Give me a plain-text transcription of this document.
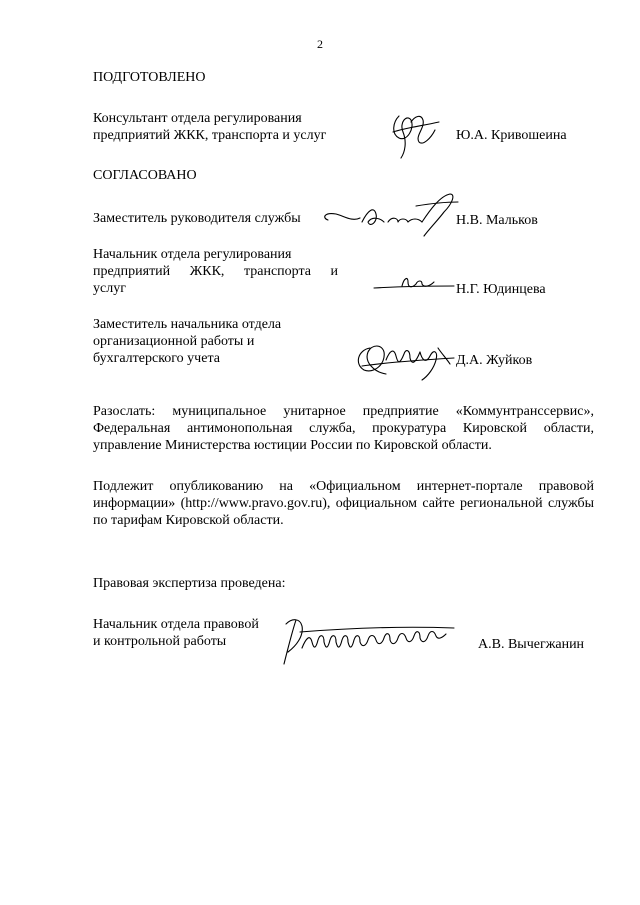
2
ПОДГОТОВЛЕНО
Консультант отдела регулирования
предприятий ЖКК, транспорта и услуг	Ю.А. Кривошеина
СОГЛАСОВАНО
Заместитель руководителя службы	Н.В. Мальков
Начальник отдела регулирования
предприятий ЖКК, транспорта и
услуг	Н.Г. Юдинцева
Заместитель начальника отдела
организационной работы и
бухгалтерского учета	Д.А. Жуйков
Разослать: муниципальное унитарное предприятие «Коммунтранссервис», Федеральная антимонопольная служба, прокуратура Кировской области, управление Министерства юстиции России по Кировской области.
Подлежит опубликованию на «Официальном интернет-портале правовой информации» (http://www.pravo.gov.ru), официальном сайте региональной службы по тарифам Кировской области.
Правовая экспертиза проведена:
Начальник отдела правовой
и контрольной работы	А.В. Вычегжанин
